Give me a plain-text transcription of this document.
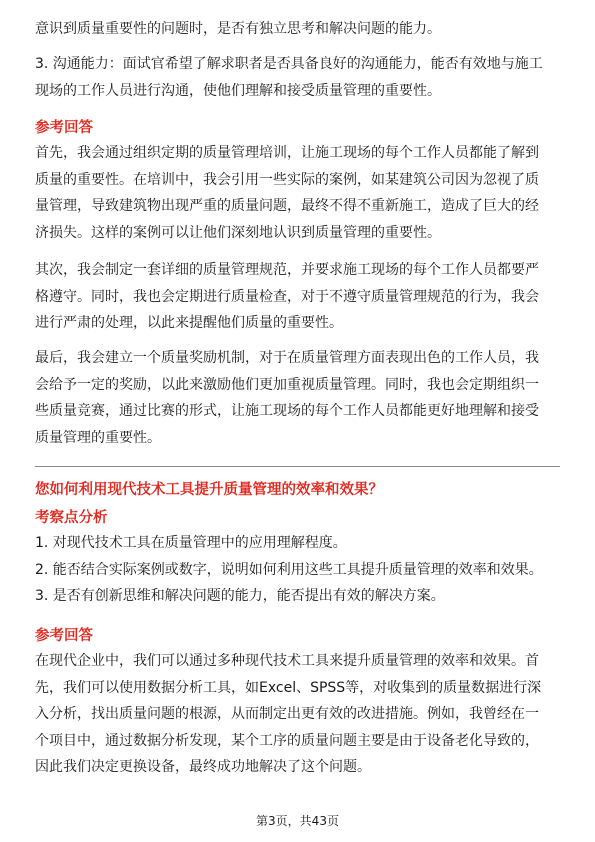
意识到质量重要性的问题时，是否有独立思考和解决问题的能力。
3. 沟通能力：面试官希望了解求职者是否具备良好的沟通能力，能否有效地与施工
现场的工作人员进行沟通，使他们理解和接受质量管理的重要性。
参考回答
首先，我会通过组织定期的质量管理培训，让施工现场的每个工作人员都能了解到
质量的重要性。在培训中，我会引用一些实际的案例，如某建筑公司因为忽视了质
量管理，导致建筑物出现严重的质量问题，最终不得不重新施工，造成了巨大的经
济损失。这样的案例可以让他们深刻地认识到质量管理的重要性。
其次，我会制定一套详细的质量管理规范，并要求施工现场的每个工作人员都要严
格遵守。同时，我也会定期进行质量检查，对于不遵守质量管理规范的行为，我会
进行严肃的处理，以此来提醒他们质量的重要性。
最后，我会建立一个质量奖励机制，对于在质量管理方面表现出色的工作人员，我
会给予一定的奖励，以此来激励他们更加重视质量管理。同时，我也会定期组织一
些质量竞赛，通过比赛的形式，让施工现场的每个工作人员都能更好地理解和接受
质量管理的重要性。
您如何利用现代技术工具提升质量管理的效率和效果？
考察点分析
1. 对现代技术工具在质量管理中的应用理解程度。
2. 能否结合实际案例或数字，说明如何利用这些工具提升质量管理的效率和效果。
3. 是否有创新思维和解决问题的能力，能否提出有效的解决方案。
参考回答
在现代企业中，我们可以通过多种现代技术工具来提升质量管理的效率和效果。首
先，我们可以使用数据分析工具，如Excel、SPSS等，对收集到的质量数据进行深
入分析，找出质量问题的根源，从而制定出更有效的改进措施。例如，我曾经在一
个项目中，通过数据分析发现，某个工序的质量问题主要是由于设备老化导致的，
因此我们决定更换设备，最终成功地解决了这个问题。
第3页，共43页
